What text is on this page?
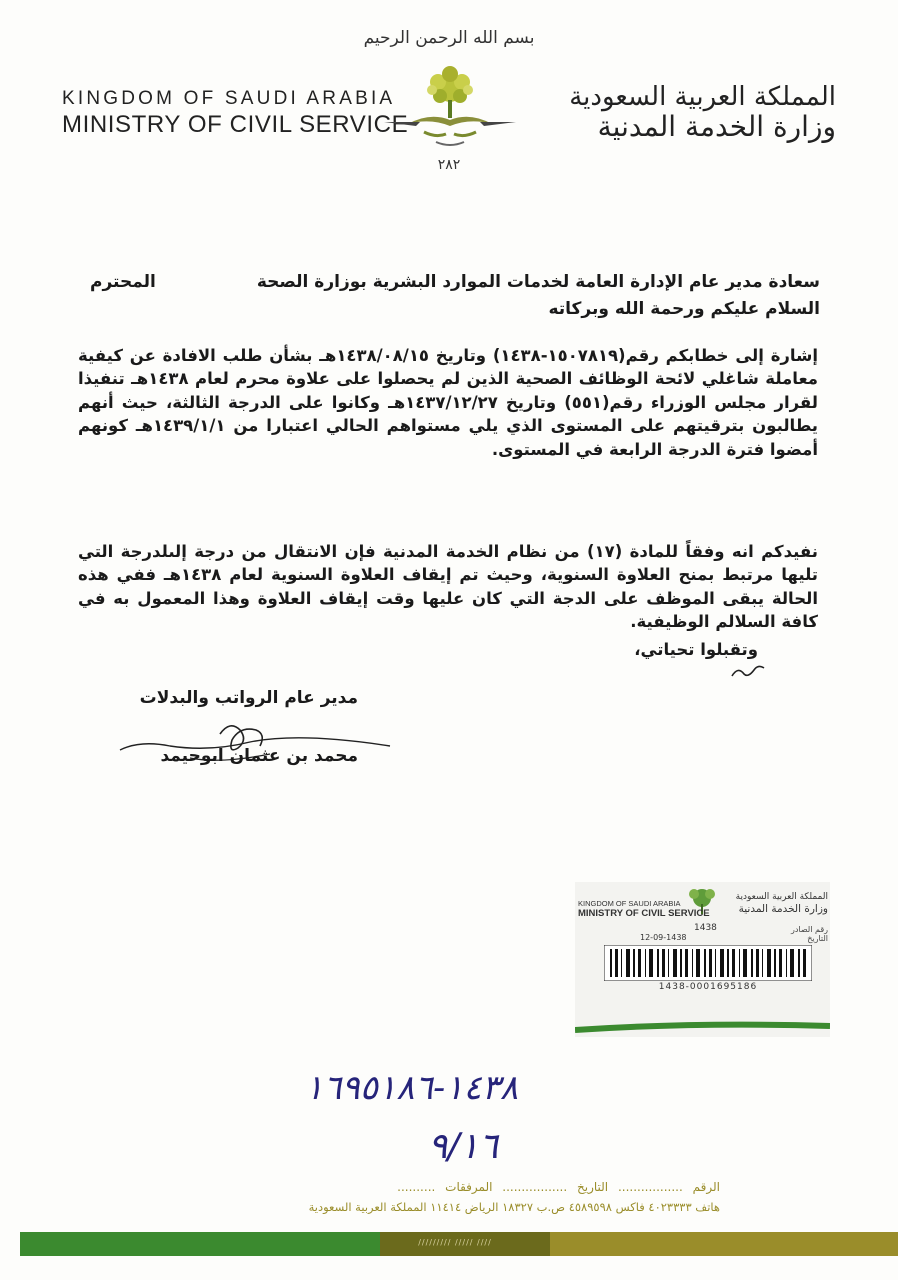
بسم الله الرحمن الرحيم
KINGDOM OF SAUDI ARABIA
MINISTRY OF CIVIL SERVICE
المملكة العربية السعودية
وزارة الخدمة المدنية
٢٨٢
سعادة مدير عام الإدارة العامة لخدمات الموارد البشرية بوزارة الصحة
المحترم
السلام عليكم ورحمة الله وبركاته
إشارة إلى خطابكم رقم(١٥٠٧٨١٩-١٤٣٨) وتاريخ ١٤٣٨/٠٨/١٥هـ بشأن طلب الافادة عن كيفية معاملة شاغلي لائحة الوظائف الصحية الذين لم يحصلوا على علاوة محرم لعام ١٤٣٨هـ تنفيذا لقرار مجلس الوزراء رقم(٥٥١) وتاريخ ١٤٣٧/١٢/٢٧هـ وكانوا على الدرجة الثالثة، حيث أنهم يطالبون بترقيتهم على المستوى الذي يلي مستواهم الحالي اعتبارا من ١٤٣٩/١/١هـ كونهم أمضوا فترة الدرجة الرابعة في المستوى.
نفيدكم انه وفقاً للمادة (١٧) من نظام الخدمة المدنية فإن الانتقال من درجة إلىلدرجة التي تليها مرتبط بمنح العلاوة السنوية، وحيث تم إيقاف العلاوة السنوية لعام ١٤٣٨هـ ففي هذه الحالة يبقى الموظف على الدجة التي كان عليها وقت إيقاف العلاوة وهذا المعمول به في كافة السلالم الوظيفية.
وتقبلوا تحياتي،
مدير عام الرواتب والبدلات
محمد بن عثمان ابوحيمد
KINGDOM OF SAUDI ARABIA
MINISTRY OF CIVIL SERVICE
المملكة العربية السعودية
وزارة الخدمة المدنية
1438	رقم الصادر
12-09-1438	التاريخ
1438-0001695186
١٤٣٨-١٦٩٥١٨٦
٩/١٦
الرقم ................. التاريخ ................. المرفقات ..........
هاتف ٤٠٢٣٣٣٣ فاكس ٤٥٨٩٥٩٨ ص.ب ١٨٣٢٧ الرياض ١١٤١٤ المملكة العربية السعودية
///////// ///// ////
